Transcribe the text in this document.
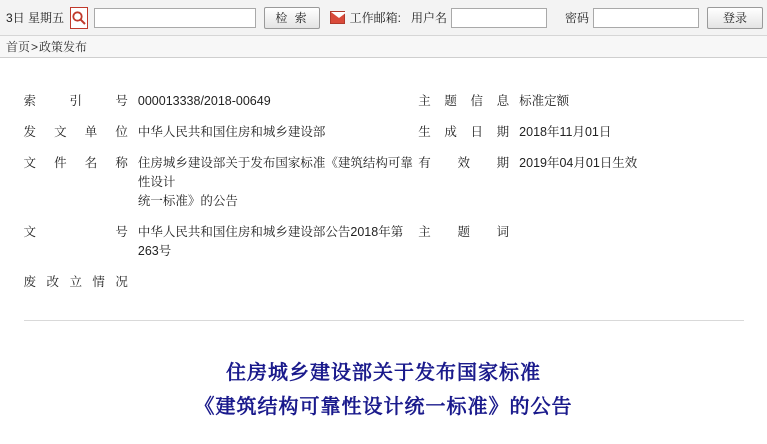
3日 星期五	检 索	工作邮箱: 用户名	密码	登录
首页 > 政策发布
索引号	000013338/2018-00649	主题信息	标准定额
发文单位	中华人民共和国住房和城乡建设部	生成日期	2018年11月01日
文件名称	住房城乡建设部关于发布国家标准《建筑结构可靠性设计
统一标准》的公告	有 效 期	2019年04月01日生效
文 号	中华人民共和国住房和城乡建设部公告2018年第263号	主 题 词	
废改立情况			
住房城乡建设部关于发布国家标准
《建筑结构可靠性设计统一标准》的公告
